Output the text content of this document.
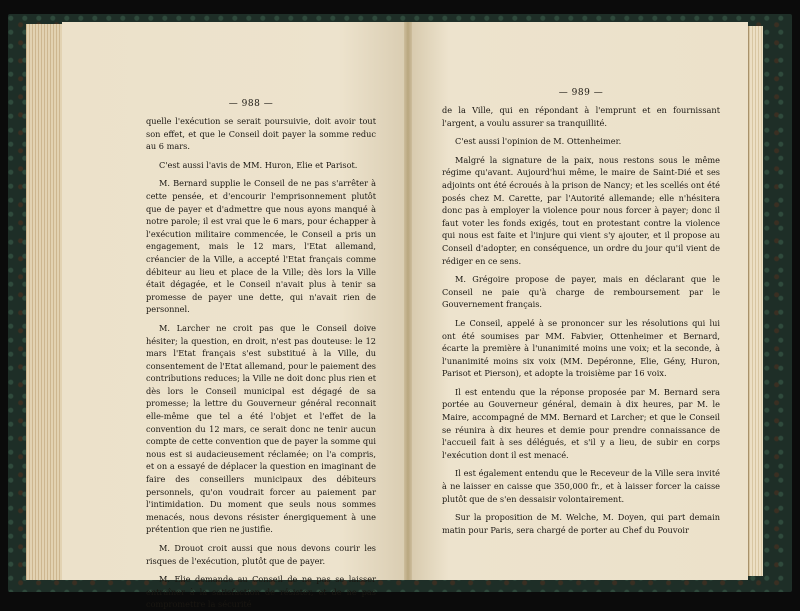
— 988 —

quelle l'exécution se serait poursuivie, doit avoir tout son effet, et que le Conseil doit payer la somme reduc au 6 mars.

C'est aussi l'avis de MM. Huron, Elie et Parisot.

M. Bernard supplie le Conseil de ne pas s'arrêter à cette pensée, et d'encourir l'emprisonnement plutôt que de payer et d'admettre que nous ayons manqué à notre parole; il est vrai que le 6 mars, pour échapper à l'exécution militaire commencée, le Conseil a pris un engagement, mais le 12 mars, l'Etat allemand, créancier de la Ville, a accepté l'Etat français comme débiteur au lieu et place de la Ville; dès lors la Ville était dégagée, et le Conseil n'avait plus à tenir sa promesse de payer une dette, qui n'avait rien de personnel.

M. Larcher ne croit pas que le Conseil doive hésiter; la question, en droit, n'est pas douteuse: le 12 mars l'Etat français s'est substitué à la Ville, du consentement de l'Etat allemand, pour le paiement des contributions reduces; la Ville ne doit donc plus rien et dès lors le Conseil municipal est dégagé de sa promesse; la lettre du Gouverneur général reconnait elle-même que tel a été l'objet et l'effet de la convention du 12 mars, ce serait donc ne tenir aucun compte de cette convention que de payer la somme qui nous est si audacieusement réclamée; on l'a compris, et on a essayé de déplacer la question en imaginant de faire des conseillers municipaux des débiteurs personnels, qu'on voudrait forcer au paiement par l'intimidation. Du moment que seuls nous sommes menacés, nous devons résister énergiquement à une prétention que rien ne justifie.

M. Drouot croit aussi que nous devons courir les risques de l'exécution, plutôt que de payer.

M. Elie demande au Conseil de ne pas se laisser entraîner à la satisfaction de résister, et de ne pas compromettre la sécurité

— 989 —

de la Ville, qui en répondant à l'emprunt et en fournissant l'argent, a voulu assurer sa tranquillité.

C'est aussi l'opinion de M. Ottenheimer.

Malgré la signature de la paix, nous restons sous le même régime qu'avant. Aujourd'hui même, le maire de Saint-Dié et ses adjoints ont été écroués à la prison de Nancy; et les scellés ont été posés chez M. Carette, par l'Autorité allemande; elle n'hésitera donc pas à employer la violence pour nous forcer à payer; donc il faut voter les fonds exigés, tout en protestant contre la violence qui nous est faite et l'injure qui vient s'y ajouter, et il propose au Conseil d'adopter, en conséquence, un ordre du jour qu'il vient de rédiger en ce sens.

M. Grégoire propose de payer, mais en déclarant que le Conseil ne paie qu'à charge de remboursement par le Gouvernement français.

Le Conseil, appelé à se prononcer sur les résolutions qui lui ont été soumises par MM. Fabvier, Ottenheimer et Bernard, écarte la première à l'unanimité moins une voix; et la seconde, à l'unanimité moins six voix (MM. Depéronne, Elie, Gény, Huron, Parisot et Pierson), et adopte la troisième par 16 voix.

Il est entendu que la réponse proposée par M. Bernard sera portée au Gouverneur général, demain à dix heures, par M. le Maire, accompagné de MM. Bernard et Larcher; et que le Conseil se réunira à dix heures et demie pour prendre connaissance de l'accueil fait à ses délégués, et s'il y a lieu, de subir en corps l'exécution dont il est menacé.

Il est également entendu que le Receveur de la Ville sera invité à ne laisser en caisse que 350,000 fr., et à laisser forcer la caisse plutôt que de s'en dessaisir volontairement.

Sur la proposition de M. Welche, M. Doyen, qui part demain matin pour Paris, sera chargé de porter au Chef du Pouvoir
